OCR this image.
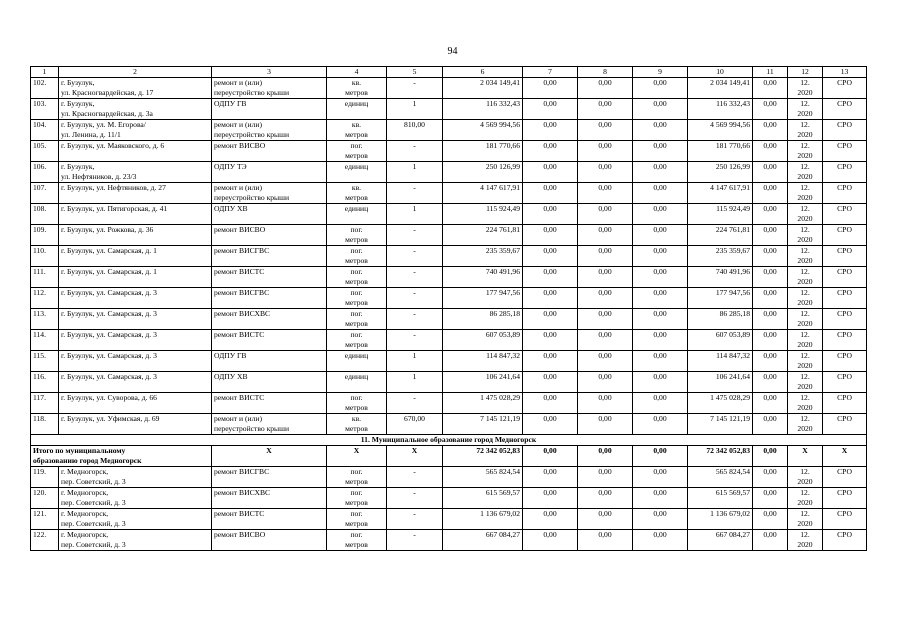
94
1	2	3	4	5	6	7	8	9	10	11	12	13
102.	г. Бузулук,
ул. Красногвардейская, д. 17	ремонт и (или)
переустройство крыши	кв.
метров	-	2 034 149,41	0,00	0,00	0,00	2 034 149,41	0,00	12.
2020	СРО
103.	г. Бузулук,
ул. Красногвардейская, д. 3а	ОДПУ ГВ	единиц	1	116 332,43	0,00	0,00	0,00	116 332,43	0,00	12.
2020	СРО
104.	г. Бузулук, ул. М. Егорова/
ул. Ленина, д. 11/1	ремонт и (или)
переустройство крыши	кв.
метров	810,00	4 569 994,56	0,00	0,00	0,00	4 569 994,56	0,00	12.
2020	СРО
105.	г. Бузулук, ул. Маяковского, д. 6	ремонт ВИСВО	пог.
метров	-	181 770,66	0,00	0,00	0,00	181 770,66	0,00	12.
2020	СРО
106.	г. Бузулук,
ул. Нефтяников, д. 23/3	ОДПУ ТЭ	единиц	1	250 126,99	0,00	0,00	0,00	250 126,99	0,00	12.
2020	СРО
107.	г. Бузулук, ул. Нефтяников, д. 27	ремонт и (или)
переустройство крыши	кв.
метров	-	4 147 617,91	0,00	0,00	0,00	4 147 617,91	0,00	12.
2020	СРО
108.	г. Бузулук, ул. Пятигорская, д. 41	ОДПУ ХВ	единиц	1	115 924,49	0,00	0,00	0,00	115 924,49	0,00	12.
2020	СРО
109.	г. Бузулук, ул. Рожкова, д. 36	ремонт ВИСВО	пог.
метров	-	224 761,81	0,00	0,00	0,00	224 761,81	0,00	12.
2020	СРО
110.	г. Бузулук, ул. Самарская, д. 1	ремонт ВИСГВС	пог.
метров	-	235 359,67	0,00	0,00	0,00	235 359,67	0,00	12.
2020	СРО
111.	г. Бузулук, ул. Самарская, д. 1	ремонт ВИСТС	пог.
метров	-	740 491,96	0,00	0,00	0,00	740 491,96	0,00	12.
2020	СРО
112.	г. Бузулук, ул. Самарская, д. 3	ремонт ВИСГВС	пог.
метров	-	177 947,56	0,00	0,00	0,00	177 947,56	0,00	12.
2020	СРО
113.	г. Бузулук, ул. Самарская, д. 3	ремонт ВИСХВС	пог.
метров	-	86 285,18	0,00	0,00	0,00	86 285,18	0,00	12.
2020	СРО
114.	г. Бузулук, ул. Самарская, д. 3	ремонт ВИСТС	пог.
метров	-	607 053,89	0,00	0,00	0,00	607 053,89	0,00	12.
2020	СРО
115.	г. Бузулук, ул. Самарская, д. 3	ОДПУ ГВ	единиц	1	114 847,32	0,00	0,00	0,00	114 847,32	0,00	12.
2020	СРО
116.	г. Бузулук, ул. Самарская, д. 3	ОДПУ ХВ	единиц	1	106 241,64	0,00	0,00	0,00	106 241,64	0,00	12.
2020	СРО
117.	г. Бузулук, ул. Суворова, д. 66	ремонт ВИСТС	пог.
метров	-	1 475 028,29	0,00	0,00	0,00	1 475 028,29	0,00	12.
2020	СРО
118.	г. Бузулук, ул. Уфимская, д. 69	ремонт и (или)
переустройство крыши	кв.
метров	670,00	7 145 121,19	0,00	0,00	0,00	7 145 121,19	0,00	12.
2020	СРО
11. Муниципальное образование город Медногорск												
Итого по муниципальному
образованию город Медногорск		Х	Х	Х	72 342 052,83	0,00	0,00	0,00	72 342 052,83	0,00	Х	Х
119.	г. Медногорск,
пер. Советский, д. 3	ремонт ВИСГВС	пог.
метров	-	565 824,54	0,00	0,00	0,00	565 824,54	0,00	12.
2020	СРО
120.	г. Медногорск,
пер. Советский, д. 3	ремонт ВИСХВС	пог.
метров	-	615 569,57	0,00	0,00	0,00	615 569,57	0,00	12.
2020	СРО
121.	г. Медногорск,
пер. Советский, д. 3	ремонт ВИСТС	пог.
метров	-	1 136 679,02	0,00	0,00	0,00	1 136 679,02	0,00	12.
2020	СРО
122.	г. Медногорск,
пер. Советский, д. 3	ремонт ВИСВО	пог.
метров	-	667 084,27	0,00	0,00	0,00	667 084,27	0,00	12.
2020	СРО
